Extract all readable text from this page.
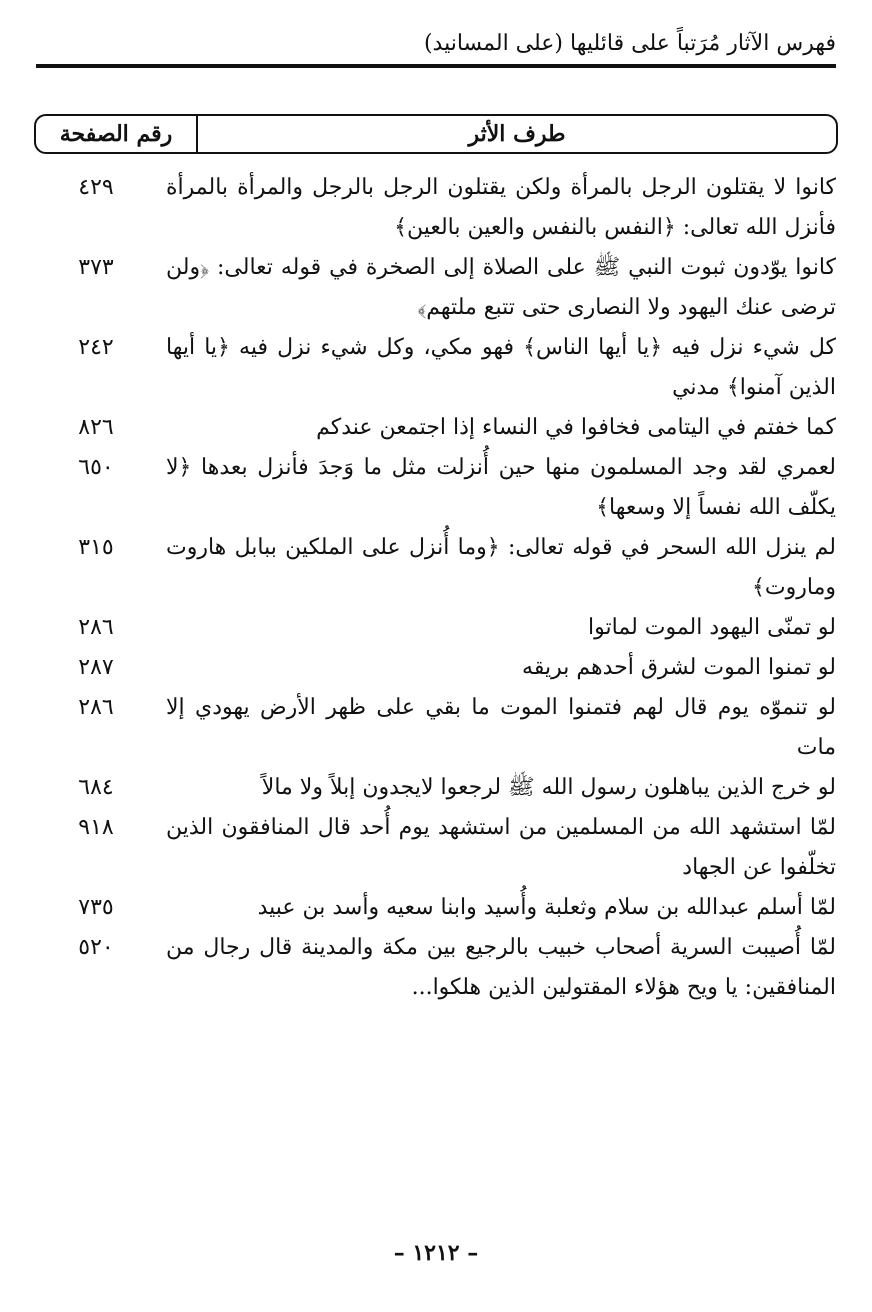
فهرس الآثار مُرَتباً على قائليها (على المسانيد)
طرف الأثر
رقم الصفحة
كانوا لا يقتلون الرجل بالمرأة ولكن يقتلون الرجل بالرجل والمرأة بالمرأة فأنزل الله تعالى: ﴿النفس بالنفس والعين بالعين﴾
٤٢٩
كانوا يوّدون ثبوت النبي ﷺ على الصلاة إلى الصخرة في قوله تعالى: ﴿ولن ترضى عنك اليهود ولا النصارى حتى تتبع ملتهم﴾
٣٧٣
كل شيء نزل فيه ﴿يا أيها الناس﴾ فهو مكي، وكل شيء نزل فيه ﴿يا أيها الذين آمنوا﴾ مدني
٢٤٢
كما خفتم في اليتامى فخافوا في النساء إذا اجتمعن عندكم
٨٢٦
لعمري لقد وجد المسلمون منها حين أُنزلت مثل ما وَجدَ فأنزل بعدها ﴿لا يكلّف الله نفساً إلا وسعها﴾
٦٥٠
لم ينزل الله السحر في قوله تعالى: ﴿وما أُنزل على الملكين ببابل هاروت وماروت﴾
٣١٥
لو تمنّى اليهود الموت لماتوا
٢٨٦
لو تمنوا الموت لشرق أحدهم بريقه
٢٨٧
لو تنموّه يوم قال لهم فتمنوا الموت ما بقي على ظهر الأرض يهودي إلا مات
٢٨٦
لو خرج الذين يباهلون رسول الله ﷺ لرجعوا لايجدون إبلاً ولا مالاً
٦٨٤
لمّا استشهد الله من المسلمين من استشهد يوم أُحد قال المنافقون الذين تخلّفوا عن الجهاد
٩١٨
لمّا أسلم عبدالله بن سلام وثعلبة وأُسيد وابنا سعيه وأسد بن عبيد
٧٣٥
لمّا أُصيبت السرية أصحاب خبيب بالرجيع بين مكة والمدينة قال رجال من المنافقين: يا ويح هؤلاء المقتولين الذين هلكوا...
٥٢٠
– ١٢١٢ –
